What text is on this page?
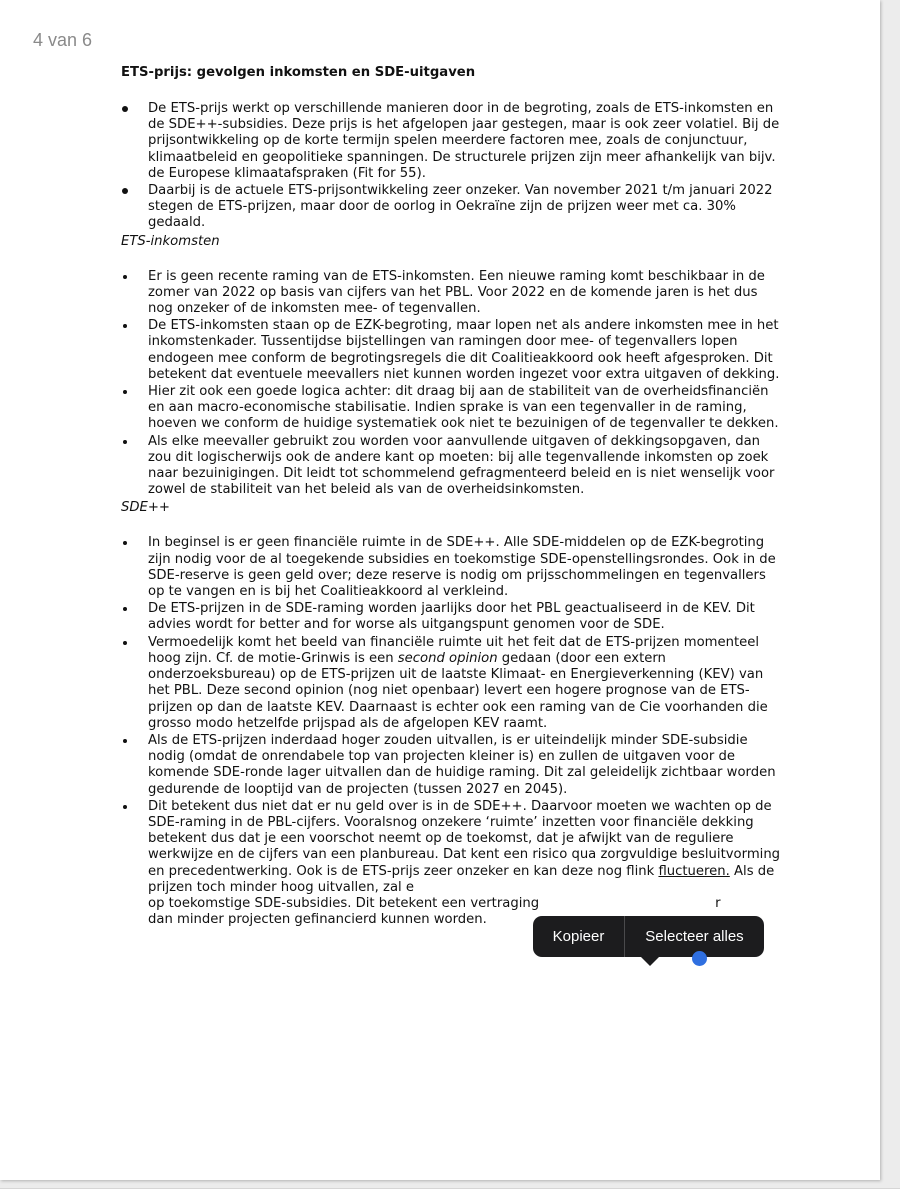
4 van 6
ETS-prijs: gevolgen inkomsten en SDE-uitgaven
De ETS-prijs werkt op verschillende manieren door in de begroting, zoals de ETS-inkomsten en de SDE++-subsidies. Deze prijs is het afgelopen jaar gestegen, maar is ook zeer volatiel. Bij de prijsontwikkeling op de korte termijn spelen meerdere factoren mee, zoals de conjunctuur, klimaatbeleid en geopolitieke spanningen. De structurele prijzen zijn meer afhankelijk van bijv. de Europese klimaatafspraken (Fit for 55).
Daarbij is de actuele ETS-prijsontwikkeling zeer onzeker. Van november 2021 t/m januari 2022 stegen de ETS-prijzen, maar door de oorlog in Oekraïne zijn de prijzen weer met ca. 30% gedaald.
ETS-inkomsten
Er is geen recente raming van de ETS-inkomsten. Een nieuwe raming komt beschikbaar in de zomer van 2022 op basis van cijfers van het PBL. Voor 2022 en de komende jaren is het dus nog onzeker of de inkomsten mee- of tegenvallen.
De ETS-inkomsten staan op de EZK-begroting, maar lopen net als andere inkomsten mee in het inkomstenkader. Tussentijdse bijstellingen van ramingen door mee- of tegenvallers lopen endogeen mee conform de begrotingsregels die dit Coalitieakkoord ook heeft afgesproken. Dit betekent dat eventuele meevallers niet kunnen worden ingezet voor extra uitgaven of dekking.
Hier zit ook een goede logica achter: dit draag bij aan de stabiliteit van de overheidsfinanciën en aan macro-economische stabilisatie. Indien sprake is van een tegenvaller in de raming, hoeven we conform de huidige systematiek ook niet te bezuinigen of de tegenvaller te dekken.
Als elke meevaller gebruikt zou worden voor aanvullende uitgaven of dekkingsopgaven, dan zou dit logischerwijs ook de andere kant op moeten: bij alle tegenvallende inkomsten op zoek naar bezuinigingen. Dit leidt tot schommelend gefragmenteerd beleid en is niet wenselijk voor zowel de stabiliteit van het beleid als van de overheidsinkomsten.
SDE++
In beginsel is er geen financiële ruimte in de SDE++. Alle SDE-middelen op de EZK-begroting zijn nodig voor de al toegekende subsidies en toekomstige SDE-openstellingsrondes. Ook in de SDE-reserve is geen geld over; deze reserve is nodig om prijsschommelingen en tegenvallers op te vangen en is bij het Coalitieakkoord al verkleind.
De ETS-prijzen in de SDE-raming worden jaarlijks door het PBL geactualiseerd in de KEV. Dit advies wordt for better and for worse als uitgangspunt genomen voor de SDE.
Vermoedelijk komt het beeld van financiële ruimte uit het feit dat de ETS-prijzen momenteel hoog zijn. Cf. de motie-Grinwis is een second opinion gedaan (door een extern onderzoeksbureau) op de ETS-prijzen uit de laatste Klimaat- en Energieverkenning (KEV) van het PBL. Deze second opinion (nog niet openbaar) levert een hogere prognose van de ETS-prijzen op dan de laatste KEV. Daarnaast is echter ook een raming van de Cie voorhanden die grosso modo hetzelfde prijspad als de afgelopen KEV raamt.
Als de ETS-prijzen inderdaad hoger zouden uitvallen, is er uiteindelijk minder SDE-subsidie nodig (omdat de onrendabele top van projecten kleiner is) en zullen de uitgaven voor de komende SDE-ronde lager uitvallen dan de huidige raming. Dit zal geleidelijk zichtbaar worden gedurende de looptijd van de projecten (tussen 2027 en 2045).
Dit betekent dus niet dat er nu geld over is in de SDE++. Daarvoor moeten we wachten op de SDE-raming in de PBL-cijfers. Vooralsnog onzekere ‘ruimte’ inzetten voor financiële dekking betekent dus dat je een voorschot neemt op de toekomst, dat je afwijkt van de reguliere werkwijze en de cijfers van een planbureau. Dat kent een risico qua zorgvuldige besluitvorming en precedentwerking. Ook is de ETS-prijs zeer onzeker en kan deze nog flink fluctueren. Als de prijzen toch minder hoog uitvallen, zal e
op toekomstige SDE-subsidies. Dit betekent een vertraging	r
dan minder projecten gefinancierd kunnen worden.
Kopieer	Selecteer alles
